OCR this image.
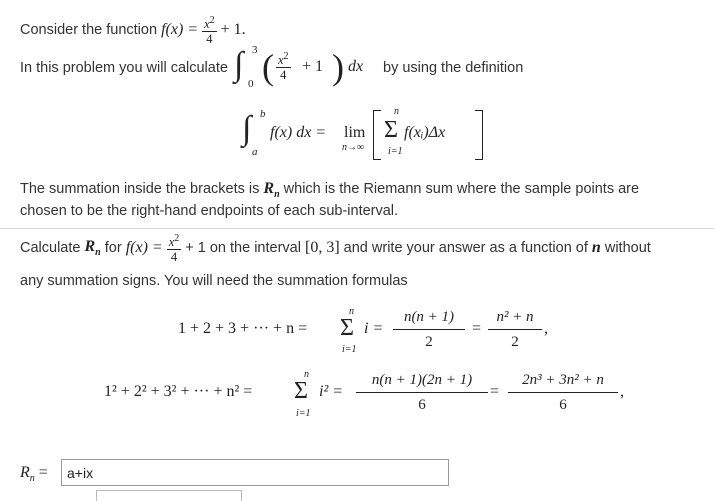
Consider the function $f(x) = \frac{x^2}{4} + 1$.
In this problem you will calculate ∫ 3
0 ( $\frac{x^2}{4} + 1$ ) dx by using the definition
∫ b
a
f(x) dx = lim
n→∞
n
Σ
i=1
f(xᵢ)Δx
The summation inside the brackets is $R_n$ which is the Riemann sum where the sample points are
chosen to be the right-hand endpoints of each sub-interval.
Calculate $R_n$ for $f(x) = \frac{x^2}{4} + 1$ on the interval [0, 3] and write your answer as a function of n without
any summation signs. You will need the summation formulas
1 + 2 + 3 + ··· + n =
n
Σ
i=1
$i = \frac{n(n + 1)}{2} = \frac{\text{n² + n}}{2}$ ,
1² + 2² + 3² + ··· + n² =
n
Σ
i=1
$i^2 = \frac{n(n + 1)(2n + 1)}{6} = \frac{\text{2n³ + 3n² + n}}{6}$ ,
$R_n$ =
a+ix
